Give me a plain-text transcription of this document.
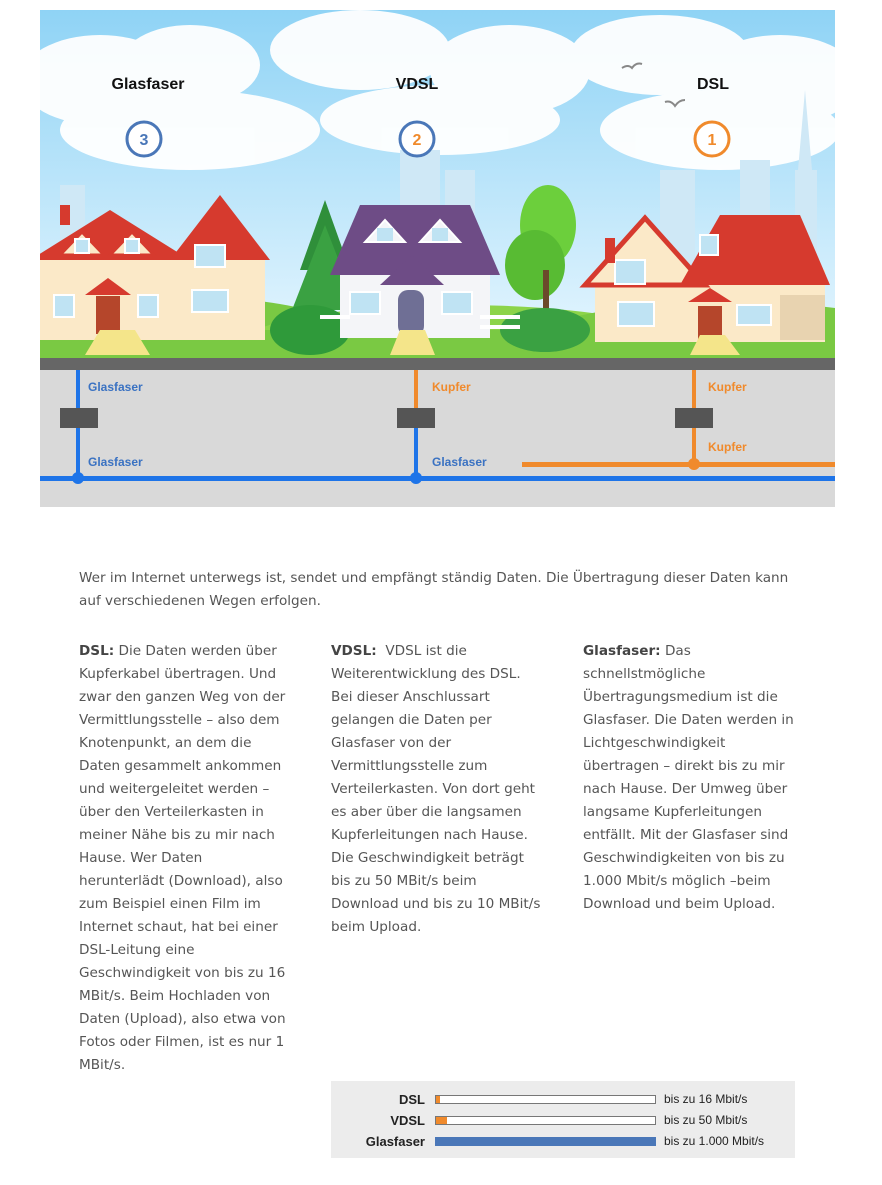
Glasfaser
Glasfaser
Kupfer
Glasfaser
Kupfer
Kupfer
Glasfaser	VDSL	DSL
3	2	1

Wer im Internet unterwegs ist, sendet und empfängt ständig Daten. Die Übertragung dieser Daten kann auf verschiedenen Wegen erfolgen.

DSL: Die Daten werden über Kupferkabel übertragen. Und zwar den ganzen Weg von der Vermittlungsstelle – also dem Knotenpunkt, an dem die Daten gesammelt ankommen und weitergeleitet werden – über den Verteilerkasten in meiner Nähe bis zu mir nach Hause. Wer Daten herunterlädt (Download), also zum Beispiel einen Film im Internet schaut, hat bei einer DSL-Leitung eine Geschwindigkeit von bis zu 16 MBit/s. Beim Hochladen von Daten (Upload), also etwa von Fotos oder Filmen, ist es nur 1 MBit/s.

VDSL:  VDSL ist die Weiterentwicklung des DSL. Bei dieser Anschlussart gelangen die Daten per Glasfaser von der Vermittlungsstelle zum Verteilerkasten. Von dort geht es aber über die langsamen Kupferleitungen nach Hause. Die Geschwindigkeit beträgt bis zu 50 MBit/s beim Download und bis zu 10 MBit/s beim Upload.

Glasfaser: Das schnellstmögliche Übertragungsmedium ist die Glasfaser. Die Daten werden in Lichtgeschwindigkeit übertragen – direkt bis zu mir nach Hause. Der Umweg über langsame Kupferleitungen entfällt. Mit der Glasfaser sind Geschwindigkeiten von bis zu 1.000 Mbit/s möglich –beim Download und beim Upload.

DSL	bis zu 16 Mbit/s
VDSL	bis zu 50 Mbit/s
Glasfaser	bis zu 1.000 Mbit/s
